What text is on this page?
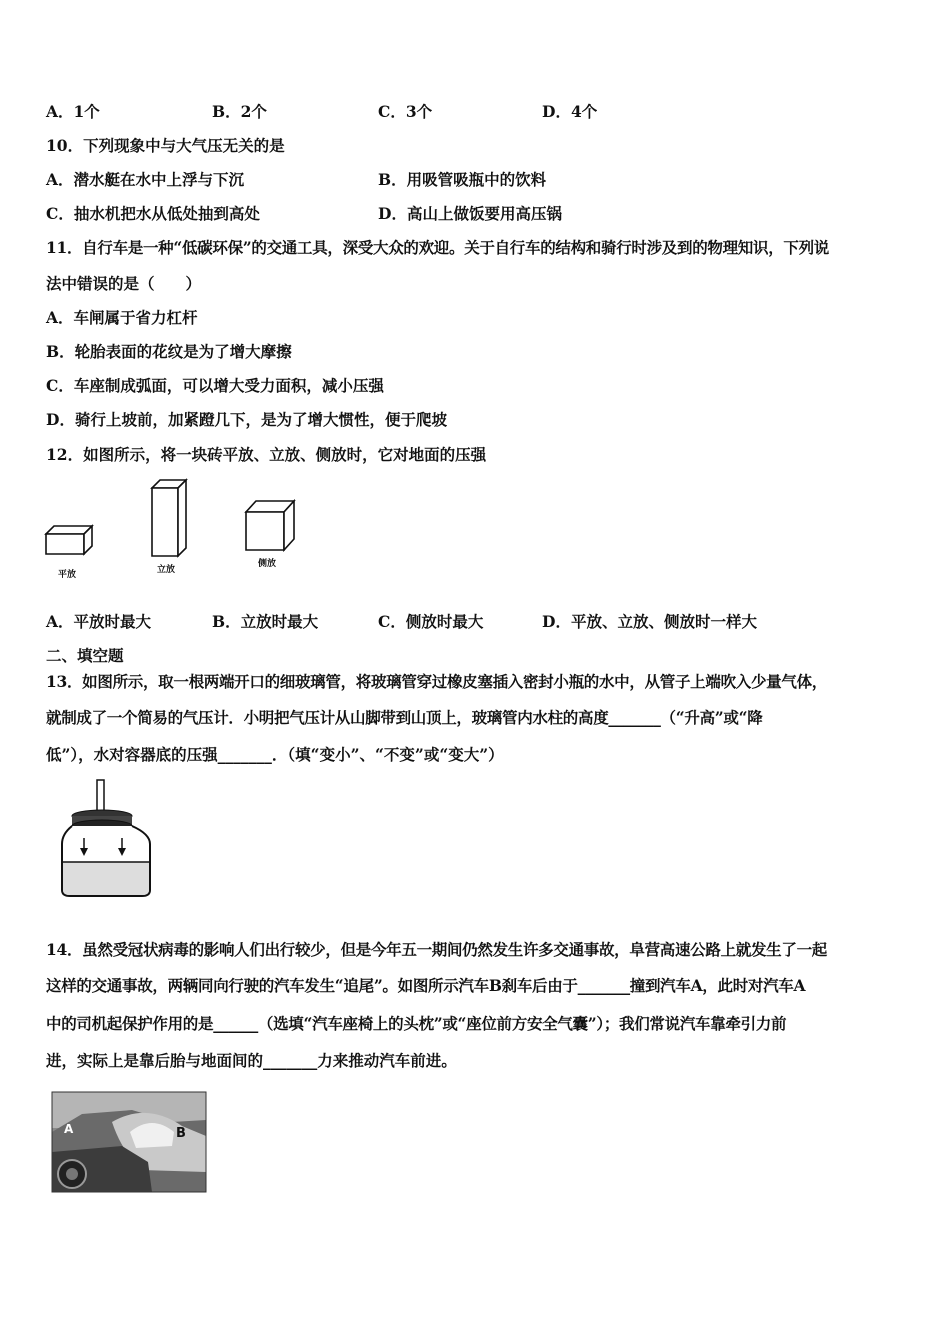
A．1个	B．2个	C．3个	D．4个
10．下列现象中与大气压无关的是
A．潜水艇在水中上浮与下沉	B．用吸管吸瓶中的饮料
C．抽水机把水从低处抽到高处	D．高山上做饭要用高压锅
11．自行车是一种“低碳环保”的交通工具，深受大众的欢迎。关于自行车的结构和骑行时涉及到的物理知识，下列说
法中错误的是（　　）
A．车闸属于省力杠杆
B．轮胎表面的花纹是为了增大摩擦
C．车座制成弧面，可以增大受力面积，减小压强
D．骑行上坡前，加紧蹬几下，是为了增大惯性，便于爬坡
12．如图所示，将一块砖平放、立放、侧放时，它对地面的压强
平放	立放
侧放
A．平放时最大	B．立放时最大	C．侧放时最大	D．平放、立放、侧放时一样大
二、填空题
13．如图所示，取一根两端开口的细玻璃管，将玻璃管穿过橡皮塞插入密封小瓶的水中，从管子上端吹入少量气体，
就制成了一个简易的气压计．小明把气压计从山脚带到山顶上，玻璃管内水柱的高度_______（“升高”或“降
低”），水对容器底的压强_______．（填“变小”、“不变”或“变大”）
14．虽然受冠状病毒的影响人们出行较少，但是今年五一期间仍然发生许多交通事故，阜营高速公路上就发生了一起
这样的交通事故，两辆同向行驶的汽车发生“追尾”。如图所示汽车B刹车后由于_______撞到汽车A，此时对汽车A
中的司机起保护作用的是______（选填“汽车座椅上的头枕”或“座位前方安全气囊”）；我们常说汽车靠牵引力前
进，实际上是靠后胎与地面间的_______力来推动汽车前进。
A	B
